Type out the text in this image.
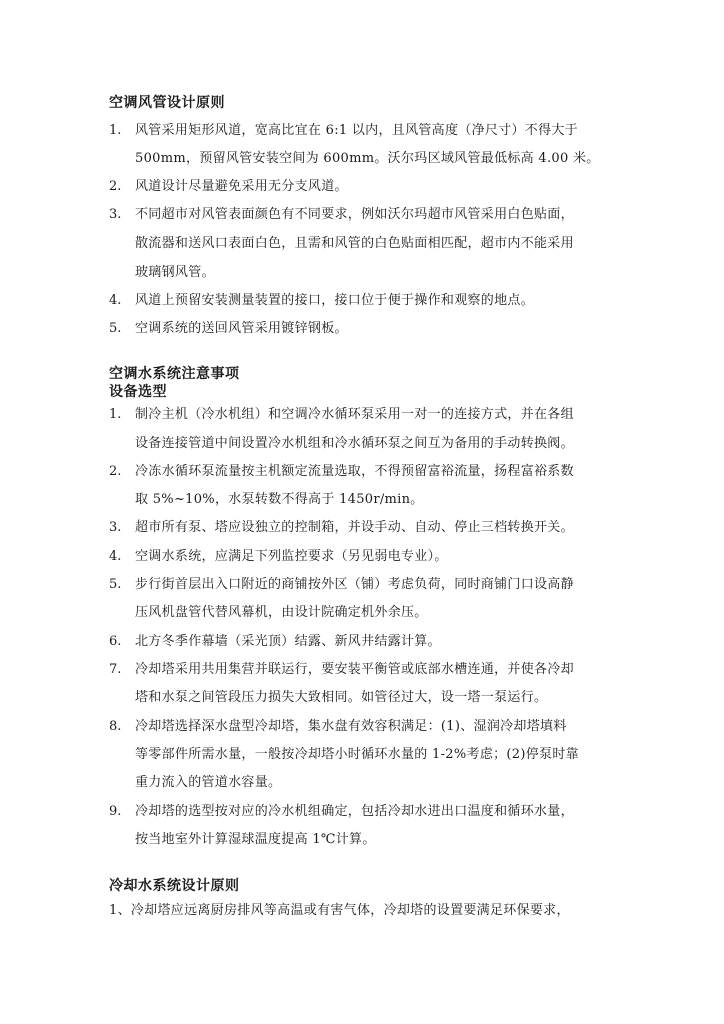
空调风管设计原则
1. 风管采用矩形风道，宽高比宜在 6:1 以内，且风管高度（净尺寸）不得大于
500mm，预留风管安装空间为 600mm。沃尔玛区域风管最低标高 4.00 米。
2. 风道设计尽量避免采用无分支风道。
3. 不同超市对风管表面颜色有不同要求，例如沃尔玛超市风管采用白色贴面，
散流器和送风口表面白色，且需和风管的白色贴面相匹配，超市内不能采用
玻璃钢风管。
4. 风道上预留安装测量装置的接口，接口位于便于操作和观察的地点。
5. 空调系统的送回风管采用镀锌钢板。
空调水系统注意事项
设备选型
1. 制冷主机（冷水机组）和空调冷水循环泵采用一对一的连接方式，并在各组
设备连接管道中间设置冷水机组和冷水循环泵之间互为备用的手动转换阀。
2. 冷冻水循环泵流量按主机额定流量选取，不得预留富裕流量，扬程富裕系数
取 5%~10%，水泵转数不得高于 1450r/min。
3. 超市所有泵、塔应设独立的控制箱，并设手动、自动、停止三档转换开关。
4. 空调水系统，应满足下列监控要求（另见弱电专业）。
5. 步行街首层出入口附近的商铺按外区（铺）考虑负荷，同时商铺门口设高静
压风机盘管代替风幕机，由设计院确定机外余压。
6. 北方冬季作幕墙（采光顶）结露、新风井结露计算。
7. 冷却塔采用共用集营并联运行，要安装平衡管或底部水槽连通，并使各冷却
塔和水泵之间管段压力损失大致相同。如管径过大，设一塔一泵运行。
8. 冷却塔选择深水盘型冷却塔，集水盘有效容积满足：(1)、湿润冷却塔填料
等零部件所需水量，一般按冷却塔小时循环水量的 1-2%考虑；(2)停泵时靠
重力流入的管道水容量。
9. 冷却塔的选型按对应的冷水机组确定，包括冷却水进出口温度和循环水量，
按当地室外计算湿球温度提高 1℃计算。
冷却水系统设计原则
1、冷却塔应远离厨房排风等高温或有害气体，冷却塔的设置要满足环保要求，
